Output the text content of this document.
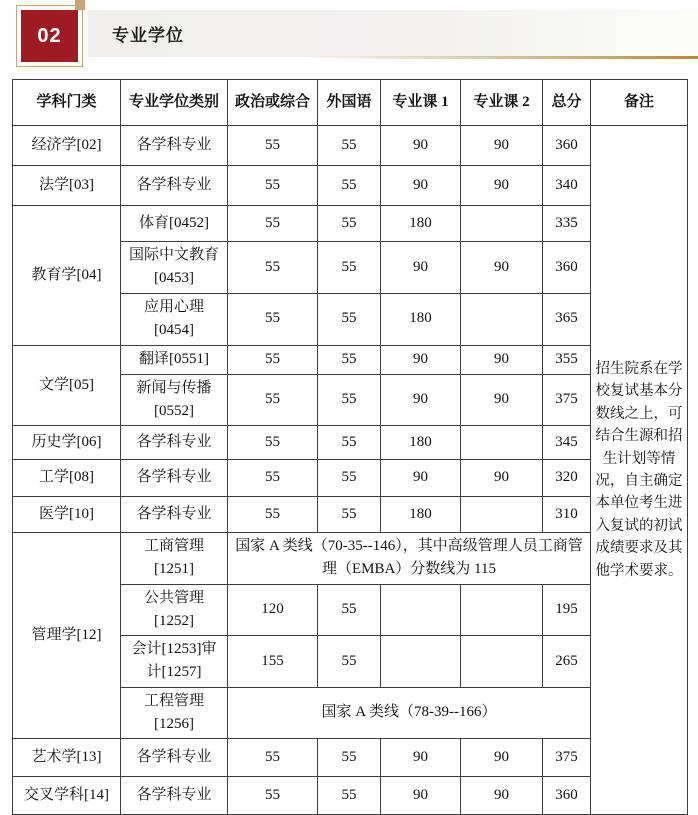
专业学位
02
学科门类	专业学位类别	政治或综合	外国语	专业课 1	专业课 2	总分	备注
经济学[02]	各学科专业	55	55	90	90	360	招生院系在学校复试基本分数线之上，可结合生源和招生计划等情况，自主确定本单位考生进入复试的初试成绩要求及其他学术要求。
法学[03]	各学科专业	55	55	90	90	340	
教育学[04]	体育[0452]	55	55	180		335	
	国际中文教育[0453]	55	55	90	90	360	
	应用心理[0454]	55	55	180		365	
文学[05]	翻译[0551]	55	55	90	90	355	
	新闻与传播[0552]	55	55	90	90	375	
历史学[06]	各学科专业	55	55	180		345	
工学[08]	各学科专业	55	55	90	90	320	
医学[10]	各学科专业	55	55	180		310	
管理学[12]	工商管理[1251]	国家 A 类线（70-35--146），其中高级管理人员工商管理（EMBA）分数线为 115					
	公共管理[1252]	120	55			195	
	会计[1253]审计[1257]	155	55			265	
	工程管理[1256]	国家 A 类线（78-39--166）					
艺术学[13]	各学科专业	55	55	90	90	375	
交叉学科[14]	各学科专业	55	55	90	90	360	
